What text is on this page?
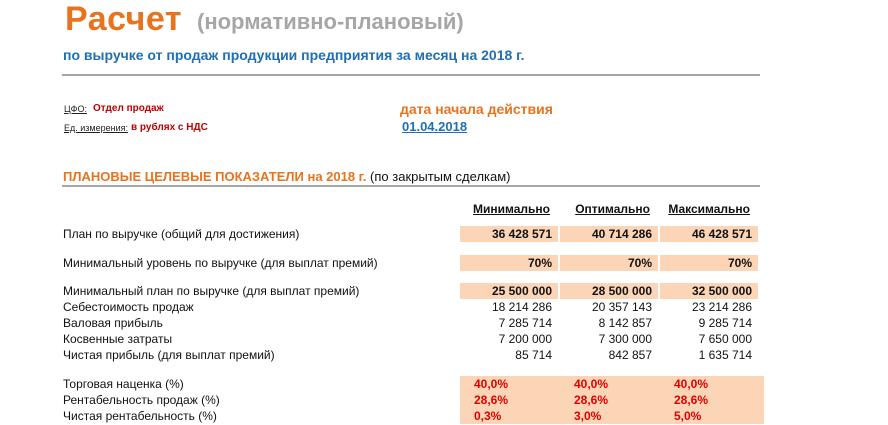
Расчет (нормативно-плановый)
по выручке от продаж продукции предприятия за месяц на 2018 г.
ЦФО: Отдел продаж
Ед. измерения: в рублях с НДС
дата начала действия
01.04.2018
ПЛАНОВЫЕ ЦЕЛЕВЫЕ ПОКАЗАТЕЛИ на 2018 г. (по закрытым сделкам)
Минимально	Оптимально	Максимально
План по выручке (общий для достижения)	36 428 571	40 714 286	46 428 571
Минимальный уровень по выручке (для выплат премий)	70%	70%	70%
Минимальный план по выручке (для выплат премий)	25 500 000	28 500 000	32 500 000
Себестоимость продаж	18 214 286	20 357 143	23 214 286
Валовая прибыль	7 285 714	8 142 857	9 285 714
Косвенные затраты	7 200 000	7 300 000	7 650 000
Чистая прибыль (для выплат премий)	85 714	842 857	1 635 714
Торговая наценка (%)	40,0%	40,0%	40,0%
Рентабельность продаж (%)	28,6%	28,6%	28,6%
Чистая рентабельность (%)	0,3%	3,0%	5,0%
